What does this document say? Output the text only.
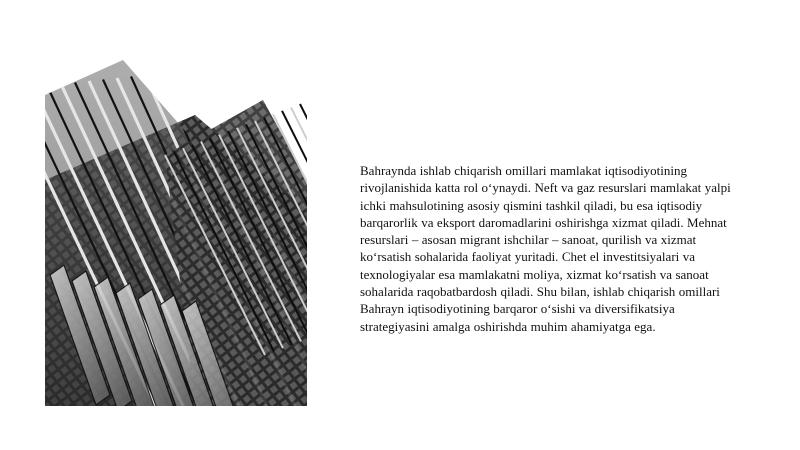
Bahraynda ishlab chiqarish omillari mamlakat iqtisodiyotining rivojlanishida katta rol o‘ynaydi. Neft va gaz resurslari mamlakat yalpi ichki mahsulotining asosiy qismini tashkil qiladi, bu esa iqtisodiy barqarorlik va eksport daromadlarini oshirishga xizmat qiladi. Mehnat resurslari – asosan migrant ishchilar – sanoat, qurilish va xizmat ko‘rsatish sohalarida faoliyat yuritadi. Chet el investitsiyalari va texnologiyalar esa mamlakatni moliya, xizmat ko‘rsatish va sanoat sohalarida raqobatbardosh qiladi. Shu bilan, ishlab chiqarish omillari Bahrayn iqtisodiyotining barqaror o‘sishi va diversifikatsiya strategiyasini amalga oshirishda muhim ahamiyatga ega.
